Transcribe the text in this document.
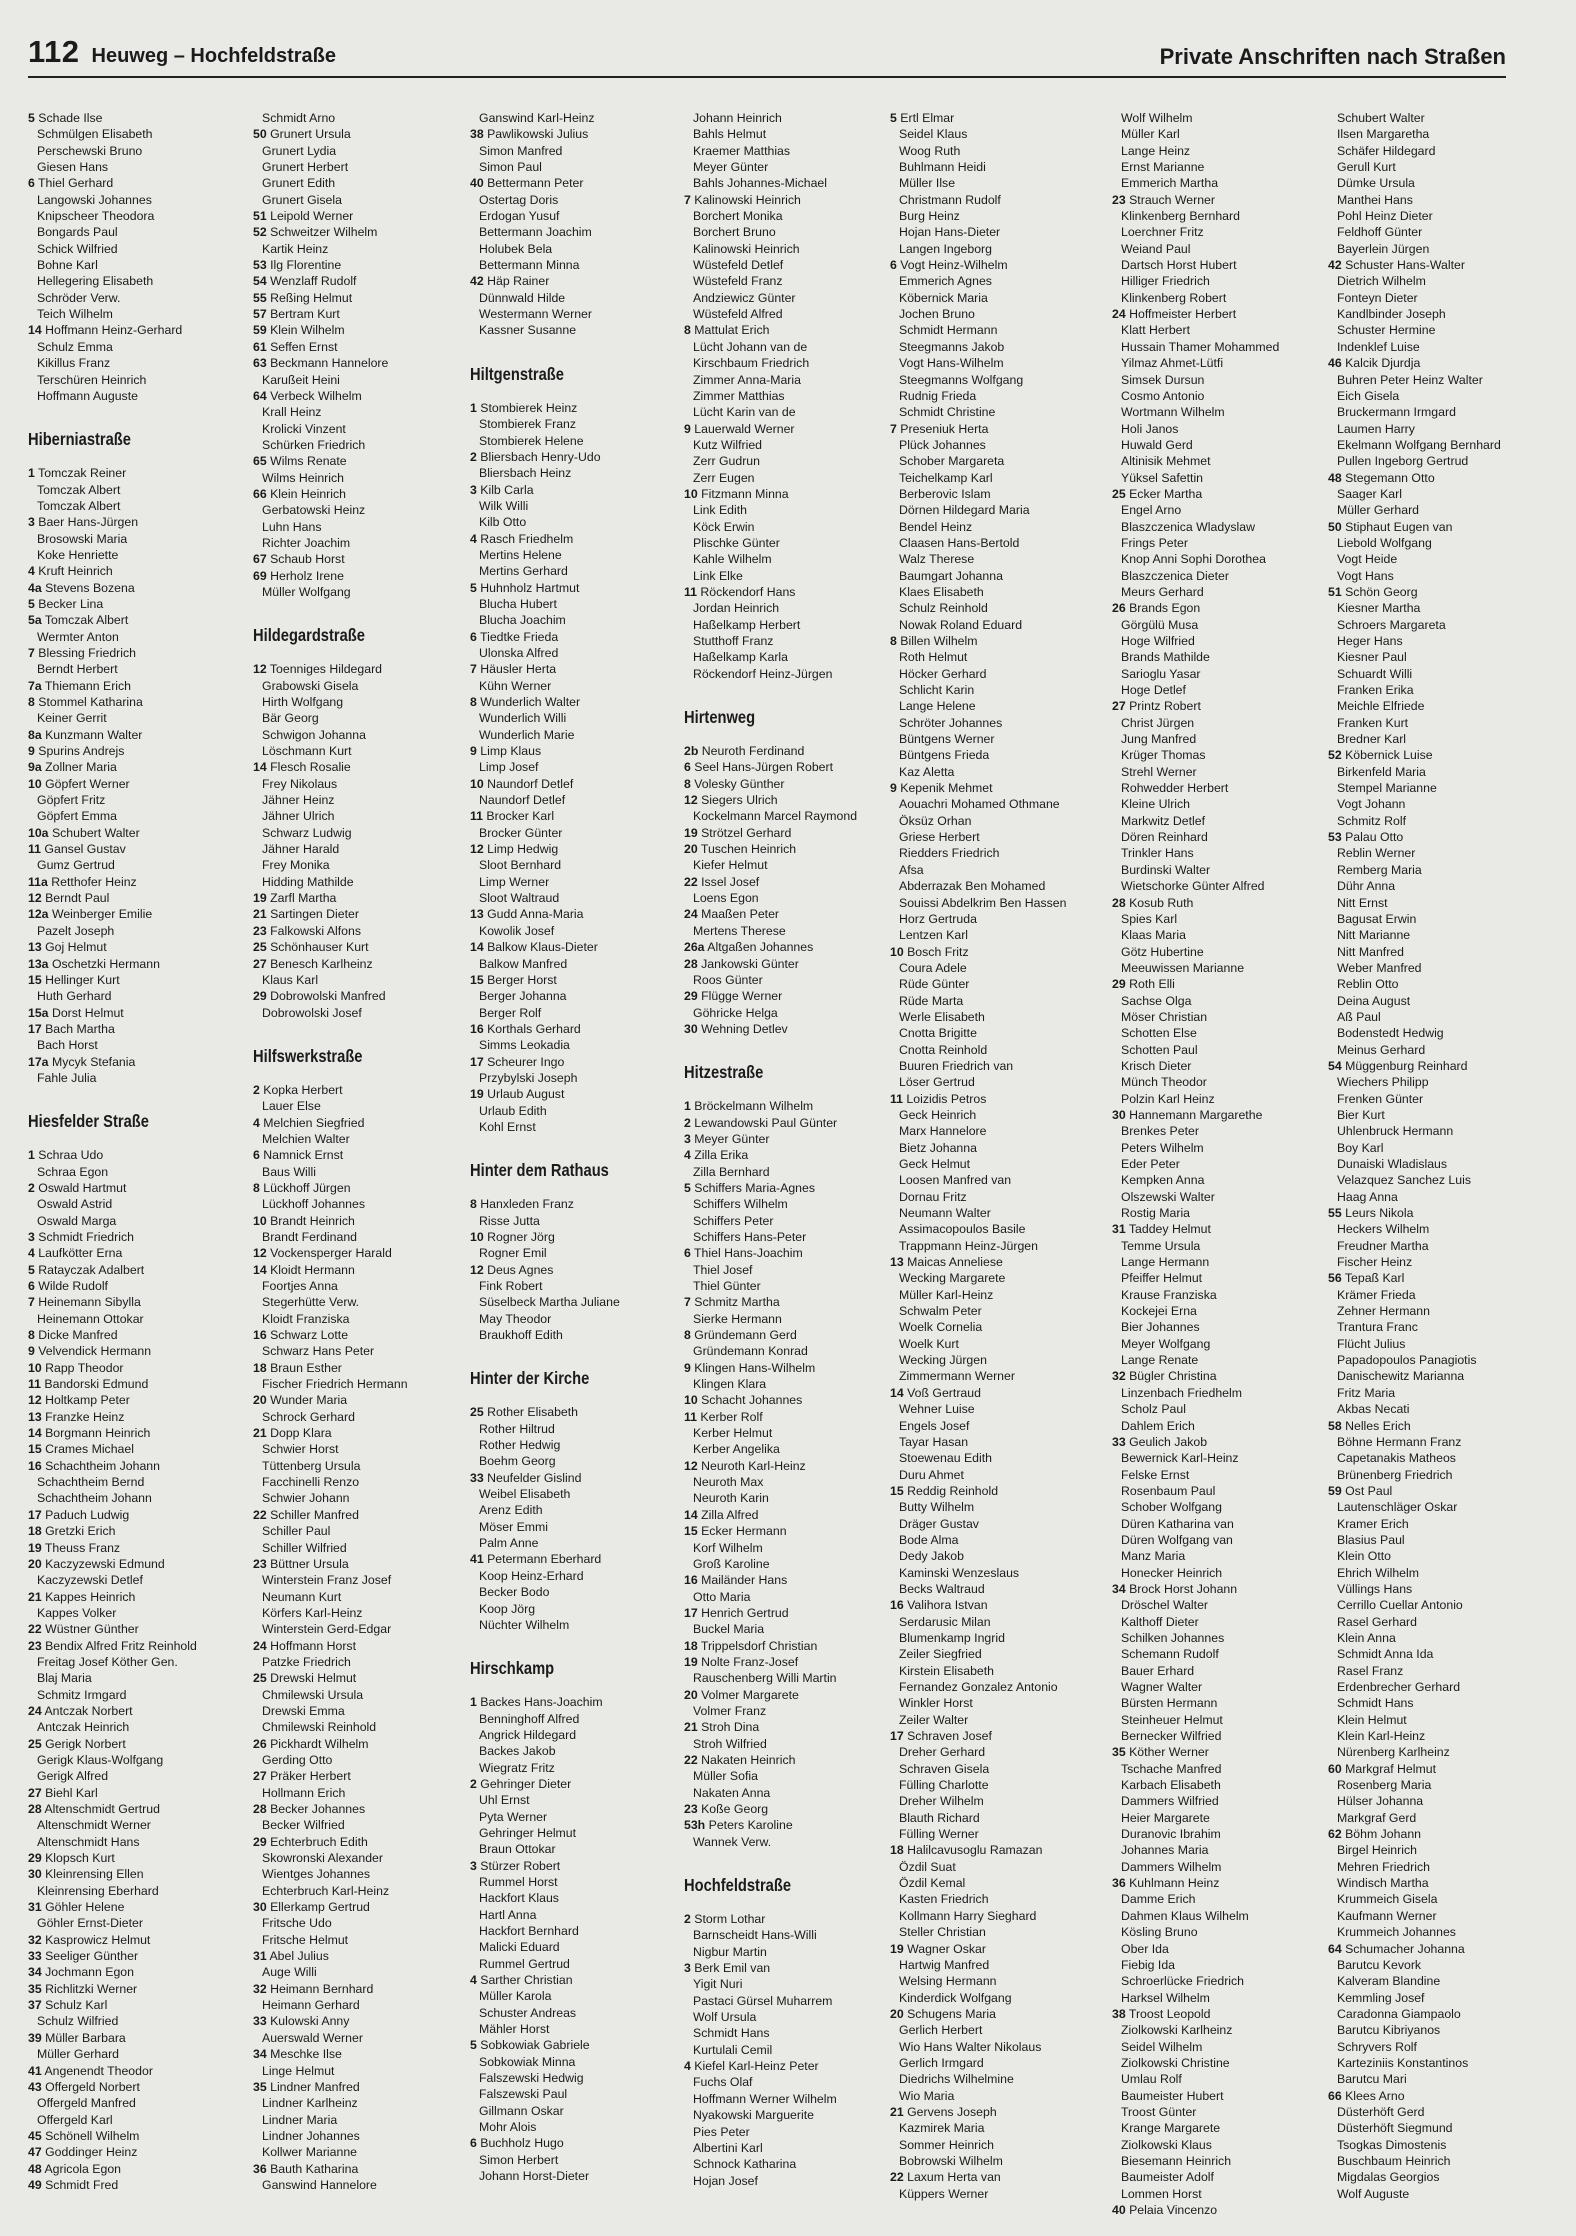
112 Heuweg – Hochfeldstraße	Private Anschriften nach Straßen
5 Schade Ilse
Schmülgen Elisabeth
Perschewski Bruno
Giesen Hans
6 Thiel Gerhard
Langowski Johannes
Knipscheer Theodora
Bongards Paul
Schick Wilfried
Bohne Karl
Hellegering Elisabeth
Schröder Verw.
Teich Wilhelm
14 Hoffmann Heinz-Gerhard
Schulz Emma
Kikillus Franz
Terschüren Heinrich
Hoffmann Auguste
Hiberniastraße
1 Tomczak Reiner
Tomczak Albert
Tomczak Albert
3 Baer Hans-Jürgen
Brosowski Maria
Koke Henriette
4 Kruft Heinrich
4a Stevens Bozena
5 Becker Lina
5a Tomczak Albert
Wermter Anton
7 Blessing Friedrich
Berndt Herbert
7a Thiemann Erich
8 Stommel Katharina
Keiner Gerrit
8a Kunzmann Walter
9 Spurins Andrejs
9a Zollner Maria
10 Göpfert Werner
Göpfert Fritz
Göpfert Emma
10a Schubert Walter
11 Gansel Gustav
Gumz Gertrud
11a Retthofer Heinz
12 Berndt Paul
12a Weinberger Emilie
Pazelt Joseph
13 Goj Helmut
13a Oschetzki Hermann
15 Hellinger Kurt
Huth Gerhard
15a Dorst Helmut
17 Bach Martha
Bach Horst
17a Mycyk Stefania
Fahle Julia
Hiesfelder Straße
1 Schraa Udo
Schraa Egon
2 Oswald Hartmut
Oswald Astrid
Oswald Marga
3 Schmidt Friedrich
4 Laufkötter Erna
5 Ratayczak Adalbert
6 Wilde Rudolf
7 Heinemann Sibylla
Heinemann Ottokar
8 Dicke Manfred
9 Velvendick Hermann
10 Rapp Theodor
11 Bandorski Edmund
12 Holtkamp Peter
13 Franzke Heinz
14 Borgmann Heinrich
15 Crames Michael
16 Schachtheim Johann
Schachtheim Bernd
Schachtheim Johann
17 Paduch Ludwig
18 Gretzki Erich
19 Theuss Franz
20 Kaczyzewski Edmund
Kaczyzewski Detlef
21 Kappes Heinrich
Kappes Volker
22 Wüstner Günther
23 Bendix Alfred Fritz Reinhold
Freitag Josef Köther Gen.
Blaj Maria
Schmitz Irmgard
24 Antczak Norbert
Antczak Heinrich
25 Gerigk Norbert
Gerigk Klaus-Wolfgang
Gerigk Alfred
27 Biehl Karl
28 Altenschmidt Gertrud
Altenschmidt Werner
Altenschmidt Hans
29 Klopsch Kurt
30 Kleinrensing Ellen
Kleinrensing Eberhard
31 Göhler Helene
Göhler Ernst-Dieter
32 Kasprowicz Helmut
33 Seeliger Günther
34 Jochmann Egon
35 Richlitzki Werner
37 Schulz Karl
Schulz Wilfried
39 Müller Barbara
Müller Gerhard
41 Angenendt Theodor
43 Offergeld Norbert
Offergeld Manfred
Offergeld Karl
45 Schönell Wilhelm
47 Goddinger Heinz
48 Agricola Egon
49 Schmidt Fred
Schmidt Arno
50 Grunert Ursula
Grunert Lydia
Grunert Herbert
Grunert Edith
Grunert Gisela
51 Leipold Werner
52 Schweitzer Wilhelm
Kartik Heinz
53 Ilg Florentine
54 Wenzlaff Rudolf
55 Reßing Helmut
57 Bertram Kurt
59 Klein Wilhelm
61 Seffen Ernst
63 Beckmann Hannelore
Karußeit Heini
64 Verbeck Wilhelm
Krall Heinz
Krolicki Vinzent
Schürken Friedrich
65 Wilms Renate
Wilms Heinrich
66 Klein Heinrich
Gerbatowski Heinz
Luhn Hans
Richter Joachim
67 Schaub Horst
69 Herholz Irene
Müller Wolfgang
Hildegardstraße
12 Toenniges Hildegard
Grabowski Gisela
Hirth Wolfgang
Bär Georg
Schwigon Johanna
Löschmann Kurt
14 Flesch Rosalie
Frey Nikolaus
Jähner Heinz
Jähner Ulrich
Schwarz Ludwig
Jähner Harald
Frey Monika
Hidding Mathilde
19 Zarfl Martha
21 Sartingen Dieter
23 Falkowski Alfons
25 Schönhauser Kurt
27 Benesch Karlheinz
Klaus Karl
29 Dobrowolski Manfred
Dobrowolski Josef
Hilfswerkstraße
2 Kopka Herbert
Lauer Else
4 Melchien Siegfried
Melchien Walter
6 Namnick Ernst
Baus Willi
8 Lückhoff Jürgen
Lückhoff Johannes
10 Brandt Heinrich
Brandt Ferdinand
12 Vockensperger Harald
14 Kloidt Hermann
Foortjes Anna
Stegerhütte Verw.
Kloidt Franziska
16 Schwarz Lotte
Schwarz Hans Peter
18 Braun Esther
Fischer Friedrich Hermann
20 Wunder Maria
Schrock Gerhard
21 Dopp Klara
Schwier Horst
Tüttenberg Ursula
Facchinelli Renzo
Schwier Johann
22 Schiller Manfred
Schiller Paul
Schiller Wilfried
23 Büttner Ursula
Winterstein Franz Josef
Neumann Kurt
Körfers Karl-Heinz
Winterstein Gerd-Edgar
24 Hoffmann Horst
Patzke Friedrich
25 Drewski Helmut
Chmilewski Ursula
Drewski Emma
Chmilewski Reinhold
26 Pickhardt Wilhelm
Gerding Otto
27 Präker Herbert
Hollmann Erich
28 Becker Johannes
Becker Wilfried
29 Echterbruch Edith
Skowronski Alexander
Wientges Johannes
Echterbruch Karl-Heinz
30 Ellerkamp Gertrud
Fritsche Udo
Fritsche Helmut
31 Abel Julius
Auge Willi
32 Heimann Bernhard
Heimann Gerhard
33 Kulowski Anny
Auerswald Werner
34 Meschke Ilse
Linge Helmut
35 Lindner Manfred
Lindner Karlheinz
Lindner Maria
Lindner Johannes
Kollwer Marianne
36 Bauth Katharina
Ganswind Hannelore
Ganswind Karl-Heinz
38 Pawlikowski Julius
Simon Manfred
Simon Paul
40 Bettermann Peter
Ostertag Doris
Erdogan Yusuf
Bettermann Joachim
Holubek Bela
Bettermann Minna
42 Häp Rainer
Dünnwald Hilde
Westermann Werner
Kassner Susanne
Hiltgenstraße
1 Stombierek Heinz
Stombierek Franz
Stombierek Helene
2 Bliersbach Henry-Udo
Bliersbach Heinz
3 Kilb Carla
Wilk Willi
Kilb Otto
4 Rasch Friedhelm
Mertins Helene
Mertins Gerhard
5 Huhnholz Hartmut
Blucha Hubert
Blucha Joachim
6 Tiedtke Frieda
Ulonska Alfred
7 Häusler Herta
Kühn Werner
8 Wunderlich Walter
Wunderlich Willi
Wunderlich Marie
9 Limp Klaus
Limp Josef
10 Naundorf Detlef
Naundorf Detlef
11 Brocker Karl
Brocker Günter
12 Limp Hedwig
Sloot Bernhard
Limp Werner
Sloot Waltraud
13 Gudd Anna-Maria
Kowolik Josef
14 Balkow Klaus-Dieter
Balkow Manfred
15 Berger Horst
Berger Johanna
Berger Rolf
16 Korthals Gerhard
Simms Leokadia
17 Scheurer Ingo
Przybylski Joseph
19 Urlaub August
Urlaub Edith
Kohl Ernst
Hinter dem Rathaus
8 Hanxleden Franz
Risse Jutta
10 Rogner Jörg
Rogner Emil
12 Deus Agnes
Fink Robert
Süselbeck Martha Juliane
May Theodor
Braukhoff Edith
Hinter der Kirche
25 Rother Elisabeth
Rother Hiltrud
Rother Hedwig
Boehm Georg
33 Neufelder Gislind
Weibel Elisabeth
Arenz Edith
Möser Emmi
Palm Anne
41 Petermann Eberhard
Koop Heinz-Erhard
Becker Bodo
Koop Jörg
Nüchter Wilhelm
Hirschkamp
1 Backes Hans-Joachim
Benninghoff Alfred
Angrick Hildegard
Backes Jakob
Wiegratz Fritz
2 Gehringer Dieter
Uhl Ernst
Pyta Werner
Gehringer Helmut
Braun Ottokar
3 Stürzer Robert
Rummel Horst
Hackfort Klaus
Hartl Anna
Hackfort Bernhard
Malicki Eduard
Rummel Gertrud
4 Sarther Christian
Müller Karola
Schuster Andreas
Mähler Horst
5 Sobkowiak Gabriele
Sobkowiak Minna
Falszewski Hedwig
Falszewski Paul
Gillmann Oskar
Mohr Alois
6 Buchholz Hugo
Simon Herbert
Johann Horst-Dieter
Johann Heinrich
Bahls Helmut
Kraemer Matthias
Meyer Günter
Bahls Johannes-Michael
7 Kalinowski Heinrich
Borchert Monika
Borchert Bruno
Kalinowski Heinrich
Wüstefeld Detlef
Wüstefeld Franz
Andziewicz Günter
Wüstefeld Alfred
8 Mattulat Erich
Lücht Johann van de
Kirschbaum Friedrich
Zimmer Anna-Maria
Zimmer Matthias
Lücht Karin van de
9 Lauerwald Werner
Kutz Wilfried
Zerr Gudrun
Zerr Eugen
10 Fitzmann Minna
Link Edith
Köck Erwin
Plischke Günter
Kahle Wilhelm
Link Elke
11 Röckendorf Hans
Jordan Heinrich
Haßelkamp Herbert
Stutthoff Franz
Haßelkamp Karla
Röckendorf Heinz-Jürgen
Hirtenweg
2b Neuroth Ferdinand
6 Seel Hans-Jürgen Robert
8 Volesky Günther
12 Siegers Ulrich
Kockelmann Marcel Raymond
19 Strötzel Gerhard
20 Tuschen Heinrich
Kiefer Helmut
22 Issel Josef
Loens Egon
24 Maaßen Peter
Mertens Therese
26a Altgaßen Johannes
28 Jankowski Günter
Roos Günter
29 Flügge Werner
Göhricke Helga
30 Wehning Detlev
Hitzestraße
1 Bröckelmann Wilhelm
2 Lewandowski Paul Günter
3 Meyer Günter
4 Zilla Erika
Zilla Bernhard
5 Schiffers Maria-Agnes
Schiffers Wilhelm
Schiffers Peter
Schiffers Hans-Peter
6 Thiel Hans-Joachim
Thiel Josef
Thiel Günter
7 Schmitz Martha
Sierke Hermann
8 Gründemann Gerd
Gründemann Konrad
9 Klingen Hans-Wilhelm
Klingen Klara
10 Schacht Johannes
11 Kerber Rolf
Kerber Helmut
Kerber Angelika
12 Neuroth Karl-Heinz
Neuroth Max
Neuroth Karin
14 Zilla Alfred
15 Ecker Hermann
Korf Wilhelm
Groß Karoline
16 Mailänder Hans
Otto Maria
17 Henrich Gertrud
Buckel Maria
18 Trippelsdorf Christian
19 Nolte Franz-Josef
Rauschenberg Willi Martin
20 Volmer Margarete
Volmer Franz
21 Stroh Dina
Stroh Wilfried
22 Nakaten Heinrich
Müller Sofia
Nakaten Anna
23 Koße Georg
53h Peters Karoline
Wannek Verw.
Hochfeldstraße
2 Storm Lothar
Barnscheidt Hans-Willi
Nigbur Martin
3 Berk Emil van
Yigit Nuri
Pastaci Gürsel Muharrem
Wolf Ursula
Schmidt Hans
Kurtulali Cemil
4 Kiefel Karl-Heinz Peter
Fuchs Olaf
Hoffmann Werner Wilhelm
Nyakowski Marguerite
Pies Peter
Albertini Karl
Schnock Katharina
Hojan Josef
5 Ertl Elmar
Seidel Klaus
Woog Ruth
Buhlmann Heidi
Müller Ilse
Christmann Rudolf
Burg Heinz
Hojan Hans-Dieter
Langen Ingeborg
6 Vogt Heinz-Wilhelm
Emmerich Agnes
Köbernick Maria
Jochen Bruno
Schmidt Hermann
Steegmanns Jakob
Vogt Hans-Wilhelm
Steegmanns Wolfgang
Rudnig Frieda
Schmidt Christine
7 Preseniuk Herta
Plück Johannes
Schober Margareta
Teichelkamp Karl
Berberovic Islam
Dörnen Hildegard Maria
Bendel Heinz
Claasen Hans-Bertold
Walz Therese
Baumgart Johanna
Klaes Elisabeth
Schulz Reinhold
Nowak Roland Eduard
8 Billen Wilhelm
Roth Helmut
Höcker Gerhard
Schlicht Karin
Lange Helene
Schröter Johannes
Büntgens Werner
Büntgens Frieda
Kaz Aletta
9 Kepenik Mehmet
Aouachri Mohamed Othmane
Öksüz Orhan
Griese Herbert
Riedders Friedrich
Afsa
Abderrazak Ben Mohamed
Souissi Abdelkrim Ben Hassen
Horz Gertruda
Lentzen Karl
10 Bosch Fritz
Coura Adele
Rüde Günter
Rüde Marta
Werle Elisabeth
Cnotta Brigitte
Cnotta Reinhold
Buuren Friedrich van
Löser Gertrud
11 Loizidis Petros
Geck Heinrich
Marx Hannelore
Bietz Johanna
Geck Helmut
Loosen Manfred van
Dornau Fritz
Neumann Walter
Assimacopoulos Basile
Trappmann Heinz-Jürgen
13 Maicas Anneliese
Wecking Margarete
Müller Karl-Heinz
Schwalm Peter
Woelk Cornelia
Woelk Kurt
Wecking Jürgen
Zimmermann Werner
14 Voß Gertraud
Wehner Luise
Engels Josef
Tayar Hasan
Stoewenau Edith
Duru Ahmet
15 Reddig Reinhold
Butty Wilhelm
Dräger Gustav
Bode Alma
Dedy Jakob
Kaminski Wenzeslaus
Becks Waltraud
16 Valihora Istvan
Serdarusic Milan
Blumenkamp Ingrid
Zeiler Siegfried
Kirstein Elisabeth
Fernandez Gonzalez Antonio
Winkler Horst
Zeiler Walter
17 Schraven Josef
Dreher Gerhard
Schraven Gisela
Fülling Charlotte
Dreher Wilhelm
Blauth Richard
Fülling Werner
18 Halilcavusoglu Ramazan
Özdil Suat
Özdil Kemal
Kasten Friedrich
Kollmann Harry Sieghard
Steller Christian
19 Wagner Oskar
Hartwig Manfred
Welsing Hermann
Kinderdick Wolfgang
20 Schugens Maria
Gerlich Herbert
Wio Hans Walter Nikolaus
Gerlich Irmgard
Diedrichs Wilhelmine
Wio Maria
21 Gervens Joseph
Kazmirek Maria
Sommer Heinrich
Bobrowski Wilhelm
22 Laxum Herta van
Küppers Werner
Wolf Wilhelm
Müller Karl
Lange Heinz
Ernst Marianne
Emmerich Martha
23 Strauch Werner
Klinkenberg Bernhard
Loerchner Fritz
Weiand Paul
Dartsch Horst Hubert
Hilliger Friedrich
Klinkenberg Robert
24 Hoffmeister Herbert
Klatt Herbert
Hussain Thamer Mohammed
Yilmaz Ahmet-Lütfi
Simsek Dursun
Cosmo Antonio
Wortmann Wilhelm
Holi Janos
Huwald Gerd
Altinisik Mehmet
Yüksel Safettin
25 Ecker Martha
Engel Arno
Blaszczenica Wladyslaw
Frings Peter
Knop Anni Sophi Dorothea
Blaszczenica Dieter
Meurs Gerhard
26 Brands Egon
Görgülü Musa
Hoge Wilfried
Brands Mathilde
Sarioglu Yasar
Hoge Detlef
27 Printz Robert
Christ Jürgen
Jung Manfred
Krüger Thomas
Strehl Werner
Rohwedder Herbert
Kleine Ulrich
Markwitz Detlef
Dören Reinhard
Trinkler Hans
Burdinski Walter
Wietschorke Günter Alfred
28 Kosub Ruth
Spies Karl
Klaas Maria
Götz Hubertine
Meeuwissen Marianne
29 Roth Elli
Sachse Olga
Möser Christian
Schotten Else
Schotten Paul
Krisch Dieter
Münch Theodor
Polzin Karl Heinz
30 Hannemann Margarethe
Brenkes Peter
Peters Wilhelm
Eder Peter
Kempken Anna
Olszewski Walter
Rostig Maria
31 Taddey Helmut
Temme Ursula
Lange Hermann
Pfeiffer Helmut
Krause Franziska
Kockejei Erna
Bier Johannes
Meyer Wolfgang
Lange Renate
32 Bügler Christina
Linzenbach Friedhelm
Scholz Paul
Dahlem Erich
33 Geulich Jakob
Bewernick Karl-Heinz
Felske Ernst
Rosenbaum Paul
Schober Wolfgang
Düren Katharina van
Düren Wolfgang van
Manz Maria
Honecker Heinrich
34 Brock Horst Johann
Dröschel Walter
Kalthoff Dieter
Schilken Johannes
Schemann Rudolf
Bauer Erhard
Wagner Walter
Bürsten Hermann
Steinheuer Helmut
Bernecker Wilfried
35 Köther Werner
Tschache Manfred
Karbach Elisabeth
Dammers Wilfried
Heier Margarete
Duranovic Ibrahim
Johannes Maria
Dammers Wilhelm
36 Kuhlmann Heinz
Damme Erich
Dahmen Klaus Wilhelm
Kösling Bruno
Ober Ida
Fiebig Ida
Schroerlücke Friedrich
Harksel Wilhelm
38 Troost Leopold
Ziolkowski Karlheinz
Seidel Wilhelm
Ziolkowski Christine
Umlau Rolf
Baumeister Hubert
Troost Günter
Krange Margarete
Ziolkowski Klaus
Biesemann Heinrich
Baumeister Adolf
Lommen Horst
40 Pelaia Vincenzo
Schubert Walter
Ilsen Margaretha
Schäfer Hildegard
Gerull Kurt
Dümke Ursula
Manthei Hans
Pohl Heinz Dieter
Feldhoff Günter
Bayerlein Jürgen
42 Schuster Hans-Walter
Dietrich Wilhelm
Fonteyn Dieter
Kandlbinder Joseph
Schuster Hermine
Indenklef Luise
46 Kalcik Djurdja
Buhren Peter Heinz Walter
Eich Gisela
Bruckermann Irmgard
Laumen Harry
Ekelmann Wolfgang Bernhard
Pullen Ingeborg Gertrud
48 Stegemann Otto
Saager Karl
Müller Gerhard
50 Stiphaut Eugen van
Liebold Wolfgang
Vogt Heide
Vogt Hans
51 Schön Georg
Kiesner Martha
Schroers Margareta
Heger Hans
Kiesner Paul
Schuardt Willi
Franken Erika
Meichle Elfriede
Franken Kurt
Bredner Karl
52 Köbernick Luise
Birkenfeld Maria
Stempel Marianne
Vogt Johann
Schmitz Rolf
53 Palau Otto
Reblin Werner
Remberg Maria
Dühr Anna
Nitt Ernst
Bagusat Erwin
Nitt Marianne
Nitt Manfred
Weber Manfred
Reblin Otto
Deina August
Aß Paul
Bodenstedt Hedwig
Meinus Gerhard
54 Müggenburg Reinhard
Wiechers Philipp
Frenken Günter
Bier Kurt
Uhlenbruck Hermann
Boy Karl
Dunaiski Wladislaus
Velazquez Sanchez Luis
Haag Anna
55 Leurs Nikola
Heckers Wilhelm
Freudner Martha
Fischer Heinz
56 Tepaß Karl
Krämer Frieda
Zehner Hermann
Trantura Franc
Flücht Julius
Papadopoulos Panagiotis
Danischewitz Marianna
Fritz Maria
Akbas Necati
58 Nelles Erich
Böhne Hermann Franz
Capetanakis Matheos
Brünenberg Friedrich
59 Ost Paul
Lautenschläger Oskar
Kramer Erich
Blasius Paul
Klein Otto
Ehrich Wilhelm
Vüllings Hans
Cerrillo Cuellar Antonio
Rasel Gerhard
Klein Anna
Schmidt Anna Ida
Rasel Franz
Erdenbrecher Gerhard
Schmidt Hans
Klein Helmut
Klein Karl-Heinz
Nürenberg Karlheinz
60 Markgraf Helmut
Rosenberg Maria
Hülser Johanna
Markgraf Gerd
62 Böhm Johann
Birgel Heinrich
Mehren Friedrich
Windisch Martha
Krummeich Gisela
Kaufmann Werner
Krummeich Johannes
64 Schumacher Johanna
Barutcu Kevork
Kalveram Blandine
Kemmling Josef
Caradonna Giampaolo
Barutcu Kibriyanos
Schryvers Rolf
Karteziniis Konstantinos
Barutcu Mari
66 Klees Arno
Düsterhöft Gerd
Düsterhöft Siegmund
Tsogkas Dimostenis
Buschbaum Heinrich
Migdalas Georgios
Wolf Auguste
